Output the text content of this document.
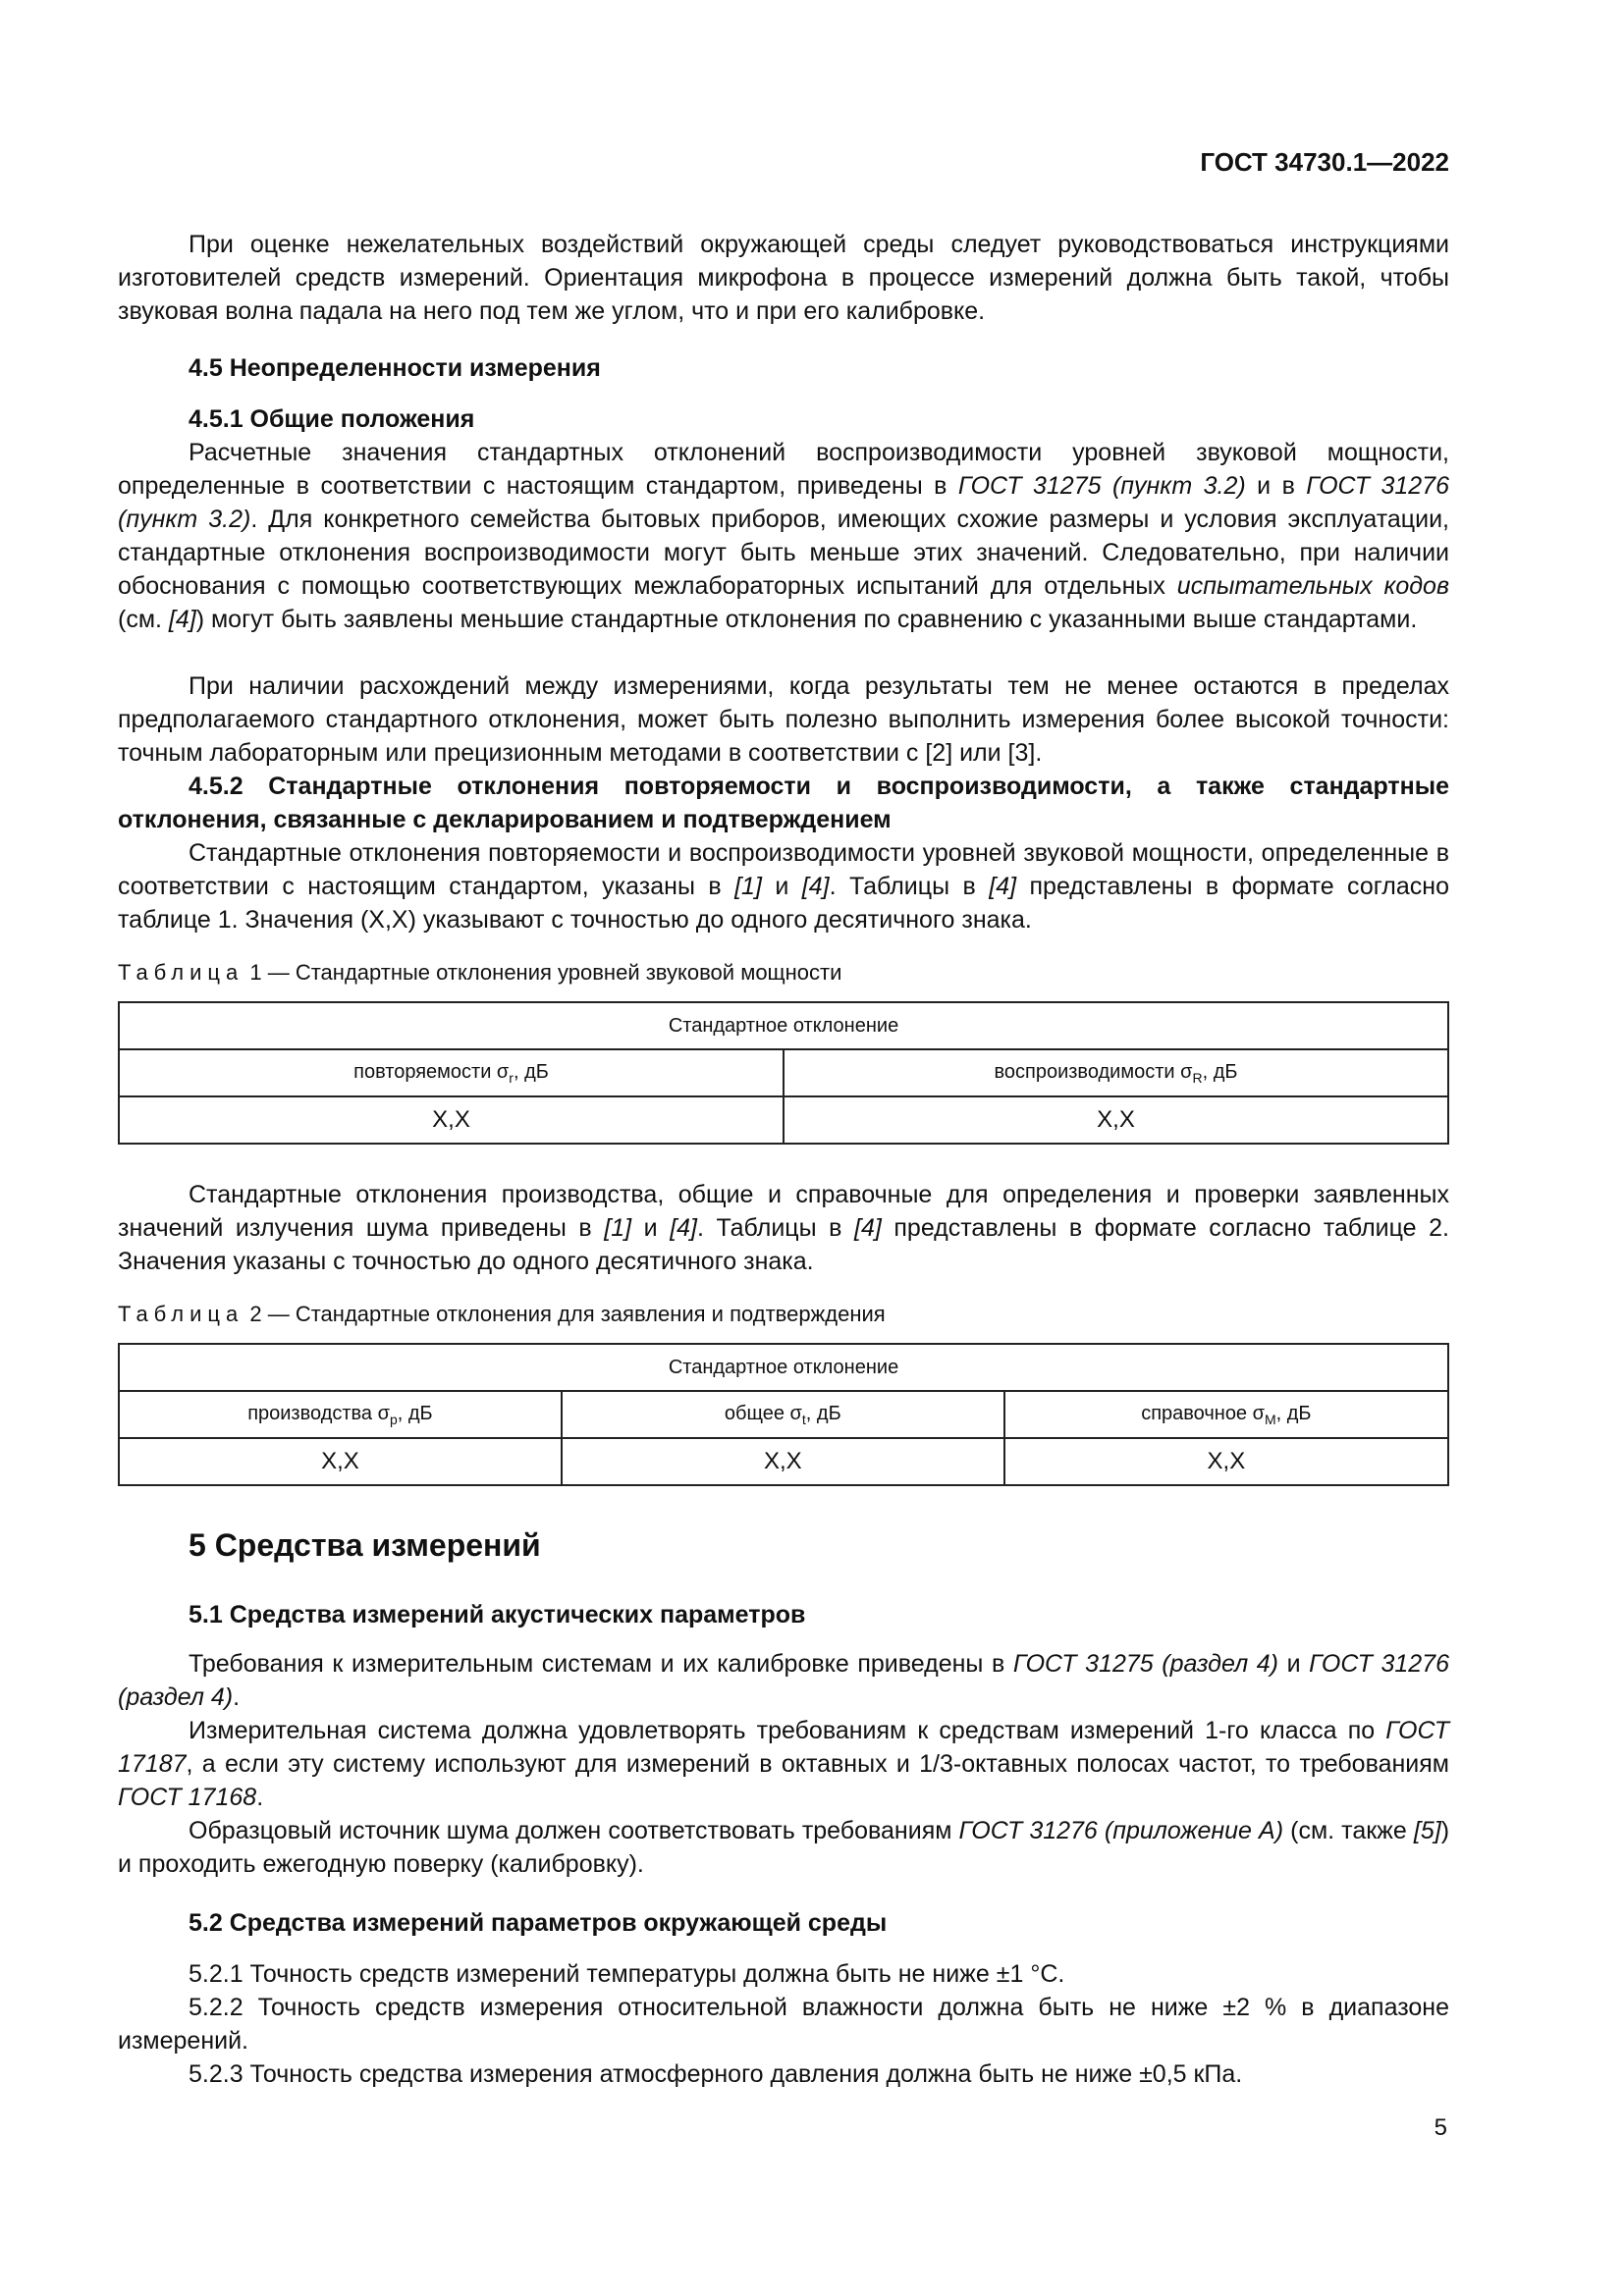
ГОСТ 34730.1—2022

При оценке нежелательных воздействий окружающей среды следует руководствоваться инструкциями изготовителей средств измерений. Ориентация микрофона в процессе измерений должна быть такой, чтобы звуковая волна падала на него под тем же углом, что и при его калибровке.

4.5 Неопределенности измерения

4.5.1 Общие положения

Расчетные значения стандартных отклонений воспроизводимости уровней звуковой мощности, определенные в соответствии с настоящим стандартом, приведены в ГОСТ 31275 (пункт 3.2) и в ГОСТ 31276 (пункт 3.2). Для конкретного семейства бытовых приборов, имеющих схожие размеры и условия эксплуатации, стандартные отклонения воспроизводимости могут быть меньше этих значений. Следовательно, при наличии обоснования с помощью соответствующих межлабораторных испытаний для отдельных испытательных кодов (см. [4]) могут быть заявлены меньшие стандартные отклонения по сравнению с указанными выше стандартами.

При наличии расхождений между измерениями, когда результаты тем не менее остаются в пределах предполагаемого стандартного отклонения, может быть полезно выполнить измерения более высокой точности: точным лабораторным или прецизионным методами в соответствии с [2] или [3].

4.5.2 Стандартные отклонения повторяемости и воспроизводимости, а также стандартные отклонения, связанные с декларированием и подтверждением

Стандартные отклонения повторяемости и воспроизводимости уровней звуковой мощности, определенные в соответствии с настоящим стандартом, указаны в [1] и [4]. Таблицы в [4] представлены в формате согласно таблице 1. Значения (X,X) указывают с точностью до одного десятичного знака.

Таблица 1 — Стандартные отклонения уровней звуковой мощности

Стандартное отклонение	
повторяемости $\sigma_r$, дБ	воспроизводимости $\sigma_R$, дБ
X,X	X,X

Стандартные отклонения производства, общие и справочные для определения и проверки заявленных значений излучения шума приведены в [1] и [4]. Таблицы в [4] представлены в формате согласно таблице 2. Значения указаны с точностью до одного десятичного знака.

Таблица 2 — Стандартные отклонения для заявления и подтверждения

Стандартное отклонение		
производства $\sigma_p$, дБ	общее $\sigma_t$, дБ	справочное $\sigma_M$, дБ
X,X	X,X	X,X

5 Средства измерений

5.1 Средства измерений акустических параметров

Требования к измерительным системам и их калибровке приведены в ГОСТ 31275 (раздел 4) и ГОСТ 31276 (раздел 4).

Измерительная система должна удовлетворять требованиям к средствам измерений 1-го класса по ГОСТ 17187, а если эту систему используют для измерений в октавных и 1/3-октавных полосах частот, то требованиям ГОСТ 17168.

Образцовый источник шума должен соответствовать требованиям ГОСТ 31276 (приложение А) (см. также [5]) и проходить ежегодную поверку (калибровку).

5.2 Средства измерений параметров окружающей среды

5.2.1 Точность средств измерений температуры должна быть не ниже ±1 °С.

5.2.2 Точность средств измерения относительной влажности должна быть не ниже ±2 % в диапазоне измерений.

5.2.3 Точность средства измерения атмосферного давления должна быть не ниже ±0,5 кПа.

5
